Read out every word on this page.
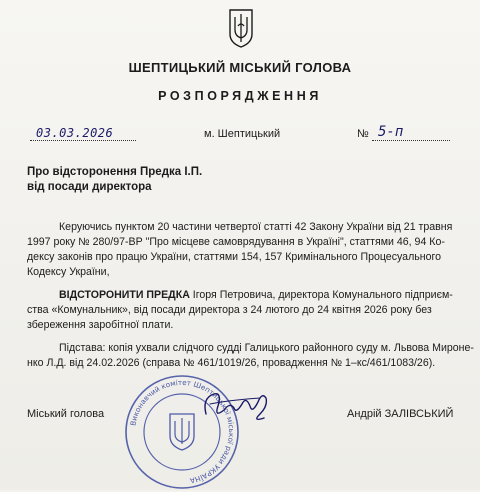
ШЕПТИЦЬКИЙ МІСЬКИЙ ГОЛОВА
РОЗПОРЯДЖЕННЯ
03.03.2026	м. Шептицький	№ 5-п
Про відсторонення Предка І.П.
від посади директора
Керуючись пунктом 20 частини четвертої статті 42 Закону України від 21 травня
1997 року № 280/97-ВР "Про місцеве самоврядування в Україні", статтями 46, 94 Ко-
дексу законів про працю України, статтями 154, 157 Кримінального Процесуального
Кодексу України,
ВІДСТОРОНИТИ ПРЕДКА Ігоря Петровича, директора Комунального підприєм-
ства «Комунальник», від посади директора з 24 лютого до 24 квітня 2026 року без
збереження заробітної плати.
Підстава: копія ухвали слідчого судді Галицького районного суду м. Львова Мироне-
нко Л.Д. від 24.02.2026 (справа № 461/1019/26, провадження № 1–кс/461/1083/26).
Виконавчий комітет Шептицької міської ради УКРАЇНА
Міський голова	Андрій ЗАЛІВСЬКИЙ
